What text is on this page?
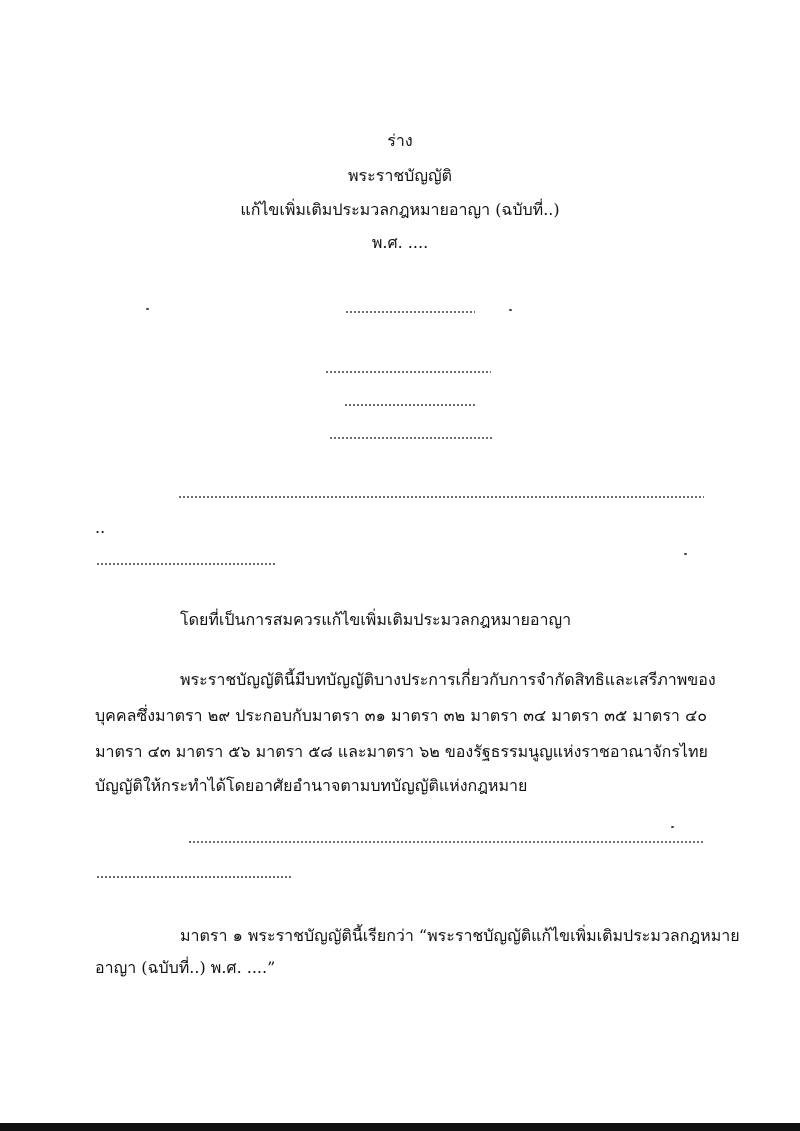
ร่าง
พระราชบัญญัติ
แก้ไขเพิ่มเติมประมวลกฎหมายอาญา (ฉบับที่..)
พ.ศ. ....
..
โดยที่เป็นการสมควรแก้ไขเพิ่มเติมประมวลกฎหมายอาญา
พระราชบัญญัตินี้มีบทบัญญัติบางประการเกี่ยวกับการจำกัดสิทธิและเสรีภาพของ
บุคคลซึ่งมาตรา ๒๙ ประกอบกับมาตรา ๓๑ มาตรา ๓๒ มาตรา ๓๔ มาตรา ๓๕ มาตรา ๔๐
มาตรา ๔๓ มาตรา ๕๖ มาตรา ๕๘ และมาตรา ๖๒ ของรัฐธรรมนูญแห่งราชอาณาจักรไทย
บัญญัติให้กระทำได้โดยอาศัยอำนาจตามบทบัญญัติแห่งกฎหมาย
มาตรา ๑ พระราชบัญญัตินี้เรียกว่า “พระราชบัญญัติแก้ไขเพิ่มเติมประมวลกฎหมาย
อาญา (ฉบับที่..) พ.ศ. ....”
